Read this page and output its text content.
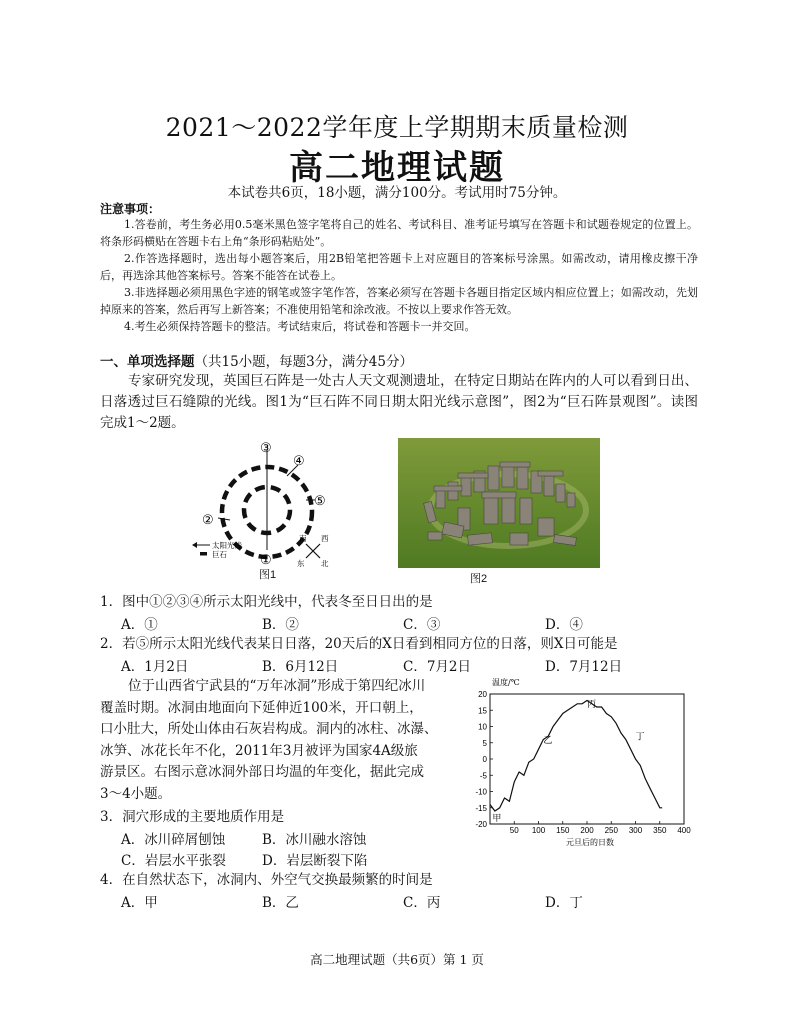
2021～2022学年度上学期期末质量检测
高二地理试题
本试卷共6页，18小题，满分100分。考试用时75分钟。
注意事项：

1.答卷前，考生务必用0.5毫米黑色签字笔将自己的姓名、考试科目、准考证号填写在答题卡和试题卷规定的位置上。将条形码横贴在答题卡右上角“条形码粘贴处”。

2.作答选择题时，选出每小题答案后，用2B铅笔把答题卡上对应题目的答案标号涂黑。如需改动，请用橡皮擦干净后，再选涂其他答案标号。答案不能答在试卷上。

3.非选择题必须用黑色字迹的钢笔或签字笔作答，答案必须写在答题卡各题目指定区域内相应位置上；如需改动，先划掉原来的答案，然后再写上新答案；不准使用铅笔和涂改液。不按以上要求作答无效。

4.考生必须保持答题卡的整洁。考试结束后，将试卷和答题卡一并交回。

一、单项选择题（共15小题，每题3分，满分45分）
专家研究发现，英国巨石阵是一处古人天文观测遗址，在特定日期站在阵内的人可以看到日出、日落透过巨石缝隙的光线。图1为“巨石阵不同日期太阳光线示意图”，图2为“巨石阵景观图”。读图完成1～2题。
③
④
②
⑤
①
太阳光线
巨石
南 西
东 北
图1	图2
1．图中①②③④所示太阳光线中，代表冬至日日出的是
A．①	B．②	C．③	D．④
2．若⑤所示太阳光线代表某日日落，20天后的X日看到相同方位的日落，则X日可能是
A．1月2日	B．6月12日	C．7月2日	D．7月12日
位于山西省宁武县的“万年冰洞”形成于第四纪冰川
覆盖时期。冰洞由地面向下延伸近100米，开口朝上，
口小肚大，所处山体由石灰岩构成。洞内的冰柱、冰瀑、
冰笋、冰花长年不化，2011年3月被评为国家4A级旅
游景区。右图示意冰洞外部日均温的年变化，据此完成
3～4小题。
50 100 150 200 250 300 350 400
20
15
10
5
0
-5
-10
-15
-20
甲
乙
丙
丁
温度/℃
元旦后的日数
3．洞穴形成的主要地质作用是
A．冰川碎屑刨蚀	B．冰川融水溶蚀
C．岩层水平张裂	D．岩层断裂下陷
4．在自然状态下，冰洞内、外空气交换最频繁的时间是
A．甲	B．乙	C．丙	D．丁
高二地理试题（共6页）第 1 页
